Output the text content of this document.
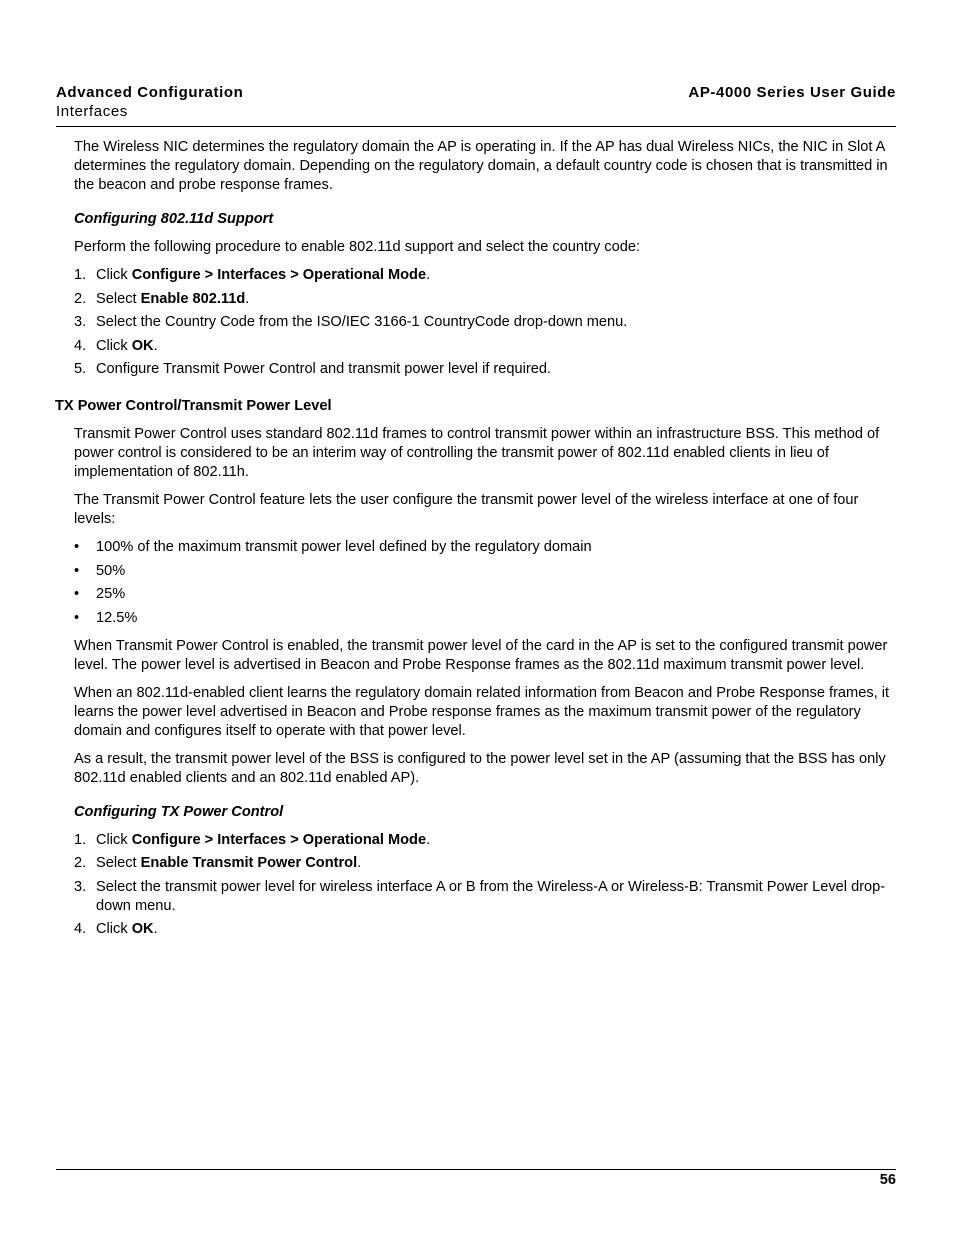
Advanced Configuration	AP-4000 Series User Guide
Interfaces

The Wireless NIC determines the regulatory domain the AP is operating in. If the AP has dual Wireless NICs, the NIC in Slot A determines the regulatory domain. Depending on the regulatory domain, a default country code is chosen that is transmitted in the beacon and probe response frames.

Configuring 802.11d Support

Perform the following procedure to enable 802.11d support and select the country code:

1. Click Configure > Interfaces > Operational Mode.
2. Select Enable 802.11d.
3. Select the Country Code from the ISO/IEC 3166-1 CountryCode drop-down menu.
4. Click OK.
5. Configure Transmit Power Control and transmit power level if required.
TX Power Control/Transmit Power Level

Transmit Power Control uses standard 802.11d frames to control transmit power within an infrastructure BSS. This method of power control is considered to be an interim way of controlling the transmit power of 802.11d enabled clients in lieu of implementation of 802.11h.

The Transmit Power Control feature lets the user configure the transmit power level of the wireless interface at one of four levels:

• 100% of the maximum transmit power level defined by the regulatory domain
• 50%
• 25%
• 12.5%

When Transmit Power Control is enabled, the transmit power level of the card in the AP is set to the configured transmit power level. The power level is advertised in Beacon and Probe Response frames as the 802.11d maximum transmit power level.

When an 802.11d-enabled client learns the regulatory domain related information from Beacon and Probe Response frames, it learns the power level advertised in Beacon and Probe response frames as the maximum transmit power of the regulatory domain and configures itself to operate with that power level.

As a result, the transmit power level of the BSS is configured to the power level set in the AP (assuming that the BSS has only 802.11d enabled clients and an 802.11d enabled AP).

Configuring TX Power Control
1. Click Configure > Interfaces > Operational Mode.
2. Select Enable Transmit Power Control.
3. Select the transmit power level for wireless interface A or B from the Wireless-A or Wireless-B: Transmit Power Level drop-down menu.
4. Click OK.
56
